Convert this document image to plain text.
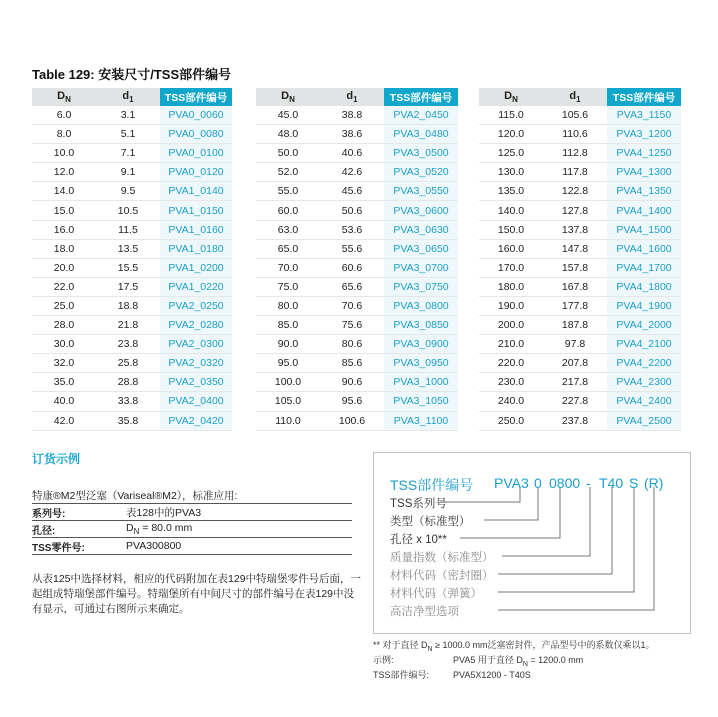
Table 129: 安装尺寸/TSS部件编号
$D_N$	$d_1$	TSS部件编号
6.0	3.1	PVA0_0060
8.0	5.1	PVA0_0080
10.0	7.1	PVA0_0100
12.0	9.1	PVA0_0120
14.0	9.5	PVA1_0140
15.0	10.5	PVA1_0150
16.0	11.5	PVA1_0160
18.0	13.5	PVA1_0180
20.0	15.5	PVA1_0200
22.0	17.5	PVA1_0220
25.0	18.8	PVA2_0250
28.0	21.8	PVA2_0280
30.0	23.8	PVA2_0300
32.0	25.8	PVA2_0320
35.0	28.8	PVA2_0350
40.0	33.8	PVA2_0400
42.0	35.8	PVA2_0420
$D_N$	$d_1$	TSS部件编号
45.0	38.8	PVA2_0450
48.0	38.6	PVA3_0480
50.0	40.6	PVA3_0500
52.0	42.6	PVA3_0520
55.0	45.6	PVA3_0550
60.0	50.6	PVA3_0600
63.0	53.6	PVA3_0630
65.0	55.6	PVA3_0650
70.0	60.6	PVA3_0700
75.0	65.6	PVA3_0750
80.0	70.6	PVA3_0800
85.0	75.6	PVA3_0850
90.0	80.6	PVA3_0900
95.0	85.6	PVA3_0950
100.0	90.6	PVA3_1000
105.0	95.6	PVA3_1050
110.0	100.6	PVA3_1100
$D_N$	$d_1$	TSS部件编号
115.0	105.6	PVA3_1150
120.0	110.6	PVA3_1200
125.0	112.8	PVA4_1250
130.0	117.8	PVA4_1300
135.0	122.8	PVA4_1350
140.0	127.8	PVA4_1400
150.0	137.8	PVA4_1500
160.0	147.8	PVA4_1600
170.0	157.8	PVA4_1700
180.0	167.8	PVA4_1800
190.0	177.8	PVA4_1900
200.0	187.8	PVA4_2000
210.0	97.8	PVA4_2100
220.0	207.8	PVA4_2200
230.0	217.8	PVA4_2300
240.0	227.8	PVA4_2400
250.0	237.8	PVA4_2500
订货示例
特康®M2型泛塞（Variseal®M2），标准应用:
系列号:	表128中的PVA3
孔径:	$D_N = 80.0$ mm
TSS零件号:	PVA300800
从表125中选择材料，相应的代码附加在表129中特瑞堡零件号后面，一起组成特瑞堡部件编号。特瑞堡所有中间尺寸的部件编号在表129中没有显示，可通过右图所示来确定。
TSS部件编号 PVA3 0 0800 - T40 S (R)
TSS系列号
类型（标准型）
孔径 x 10**
质量指数（标准型）
材料代码（密封圈）
材料代码（弹簧）
高洁净型选项
** 对于直径 $D_N \ge 1000.0$ mm泛塞密封件，产品型号中的系数仅乘以1。
示例:	PVA5 用于直径 $D_N = 1200.0$ mm
TSS部件编号:	PVA5X1200 - T40S
